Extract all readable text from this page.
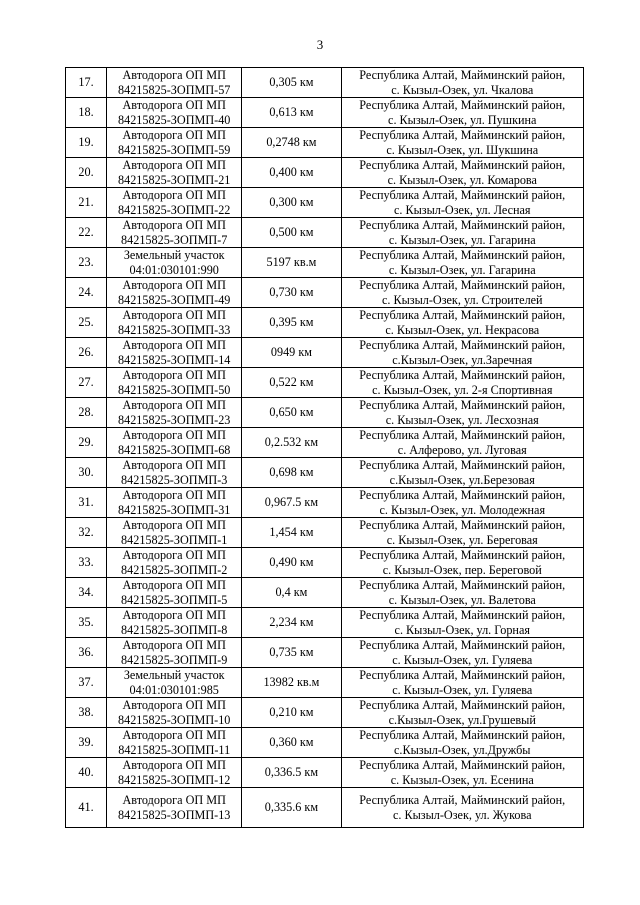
3
17.	Автодорога ОП МП
84215825-ЗОПМП-57	0,305 км	Республика Алтай, Майминский район,
с. Кызыл-Озек, ул. Чкалова

18.	Автодорога ОП МП
84215825-ЗОПМП-40	0,613 км	Республика Алтай, Майминский район,
с. Кызыл-Озек, ул. Пушкина

19.	Автодорога ОП МП
84215825-ЗОПМП-59	0,2748 км	Республика Алтай, Майминский район,
с. Кызыл-Озек, ул. Шукшина

20.	Автодорога ОП МП
84215825-ЗОПМП-21	0,400 км	Республика Алтай, Майминский район,
с. Кызыл-Озек, ул. Комарова

21.	Автодорога ОП МП
84215825-ЗОПМП-22	0,300 км	Республика Алтай, Майминский район,
с. Кызыл-Озек, ул. Лесная

22.	Автодорога ОП МП
84215825-ЗОПМП-7	0,500 км	Республика Алтай, Майминский район,
с. Кызыл-Озек, ул. Гагарина

23.	Земельный участок
04:01:030101:990	5197 кв.м	Республика Алтай, Майминский район,
с. Кызыл-Озек, ул. Гагарина

24.	Автодорога ОП МП
84215825-ЗОПМП-49	0,730 км	Республика Алтай, Майминский район,
с. Кызыл-Озек, ул. Строителей

25.	Автодорога ОП МП
84215825-ЗОПМП-33	0,395 км	Республика Алтай, Майминский район,
с. Кызыл-Озек, ул. Некрасова

26.	Автодорога ОП МП
84215825-ЗОПМП-14	0949 км	Республика Алтай, Майминский район,
с.Кызыл-Озек, ул.Заречная

27.	Автодорога ОП МП
84215825-ЗОПМП-50	0,522 км	Республика Алтай, Майминский район,
с. Кызыл-Озек, ул. 2-я Спортивная

28.	Автодорога ОП МП
84215825-ЗОПМП-23	0,650 км	Республика Алтай, Майминский район,
с. Кызыл-Озек, ул. Лесхозная

29.	Автодорога ОП МП
84215825-ЗОПМП-68	0,2.532 км	Республика Алтай, Майминский район,
с. Алферово, ул. Луговая

30.	Автодорога ОП МП
84215825-ЗОПМП-3	0,698 км	Республика Алтай, Майминский район,
с.Кызыл-Озек, ул.Березовая

31.	Автодорога ОП МП
84215825-ЗОПМП-31	0,967.5 км	Республика Алтай, Майминский район,
с. Кызыл-Озек, ул. Молодежная

32.	Автодорога ОП МП
84215825-ЗОПМП-1	1,454 км	Республика Алтай, Майминский район,
с. Кызыл-Озек, ул. Береговая

33.	Автодорога ОП МП
84215825-ЗОПМП-2	0,490 км	Республика Алтай, Майминский район,
с. Кызыл-Озек, пер. Береговой

34.	Автодорога ОП МП
84215825-ЗОПМП-5	0,4 км	Республика Алтай, Майминский район,
с. Кызыл-Озек, ул. Валетова

35.	Автодорога ОП МП
84215825-ЗОПМП-8	2,234 км	Республика Алтай, Майминский район,
с. Кызыл-Озек, ул. Горная

36.	Автодорога ОП МП
84215825-ЗОПМП-9	0,735 км	Республика Алтай, Майминский район,
с. Кызыл-Озек, ул. Гуляева

37.	Земельный участок
04:01:030101:985	13982 кв.м	Республика Алтай, Майминский район,
с. Кызыл-Озек, ул. Гуляева

38.	Автодорога ОП МП
84215825-ЗОПМП-10	0,210 км	Республика Алтай, Майминский район,
с.Кызыл-Озек, ул.Грушевый

39.	Автодорога ОП МП
84215825-ЗОПМП-11	0,360 км	Республика Алтай, Майминский район,
с.Кызыл-Озек, ул.Дружбы

40.	Автодорога ОП МП
84215825-ЗОПМП-12	0,336.5 км	Республика Алтай, Майминский район,
с. Кызыл-Озек, ул. Есенина

41.	Автодорога ОП МП
84215825-ЗОПМП-13	0,335.6 км	Республика Алтай, Майминский район,
с. Кызыл-Озек, ул. Жукова
